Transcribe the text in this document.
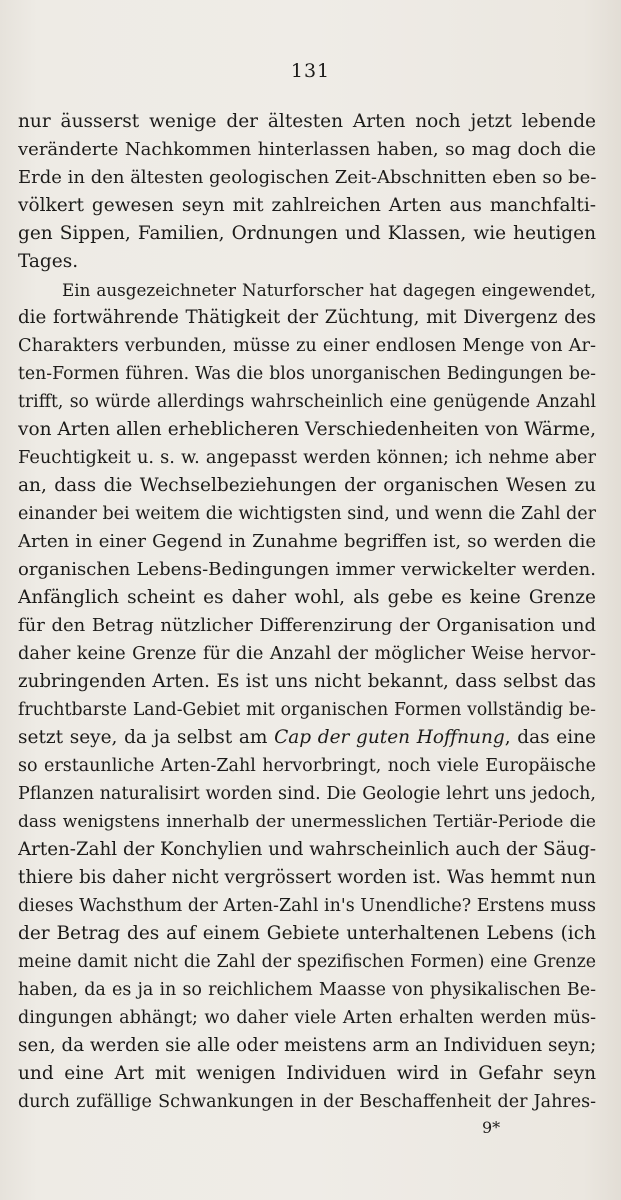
131
nur äusserst wenige der ältesten Arten noch jetzt lebende
veränderte Nachkommen hinterlassen haben, so mag doch die
Erde in den ältesten geologischen Zeit-Abschnitten eben so be-
völkert gewesen seyn mit zahlreichen Arten aus manchfalti-
gen Sippen, Familien, Ordnungen und Klassen, wie heutigen
Tages.
Ein ausgezeichneter Naturforscher hat dagegen eingewendet,
die fortwährende Thätigkeit der Züchtung, mit Divergenz des
Charakters verbunden, müsse zu einer endlosen Menge von Ar-
ten-Formen führen. Was die blos unorganischen Bedingungen be-
trifft, so würde allerdings wahrscheinlich eine genügende Anzahl
von Arten allen erheblicheren Verschiedenheiten von Wärme,
Feuchtigkeit u. s. w. angepasst werden können; ich nehme aber
an, dass die Wechselbeziehungen der organischen Wesen zu
einander bei weitem die wichtigsten sind, und wenn die Zahl der
Arten in einer Gegend in Zunahme begriffen ist, so werden die
organischen Lebens-Bedingungen immer verwickelter werden.
Anfänglich scheint es daher wohl, als gebe es keine Grenze
für den Betrag nützlicher Differenzirung der Organisation und
daher keine Grenze für die Anzahl der möglicher Weise hervor-
zubringenden Arten. Es ist uns nicht bekannt, dass selbst das
fruchtbarste Land-Gebiet mit organischen Formen vollständig be-
setzt seye, da ja selbst am Cap der guten Hoffnung, das eine
so erstaunliche Arten-Zahl hervorbringt, noch viele Europäische
Pflanzen naturalisirt worden sind. Die Geologie lehrt uns jedoch,
dass wenigstens innerhalb der unermesslichen Tertiär-Periode die
Arten-Zahl der Konchylien und wahrscheinlich auch der Säug-
thiere bis daher nicht vergrössert worden ist. Was hemmt nun
dieses Wachsthum der Arten-Zahl in's Unendliche? Erstens muss
der Betrag des auf einem Gebiete unterhaltenen Lebens (ich
meine damit nicht die Zahl der spezifischen Formen) eine Grenze
haben, da es ja in so reichlichem Maasse von physikalischen Be-
dingungen abhängt; wo daher viele Arten erhalten werden müs-
sen, da werden sie alle oder meistens arm an Individuen seyn;
und eine Art mit wenigen Individuen wird in Gefahr seyn
durch zufällige Schwankungen in der Beschaffenheit der Jahres-
9*
